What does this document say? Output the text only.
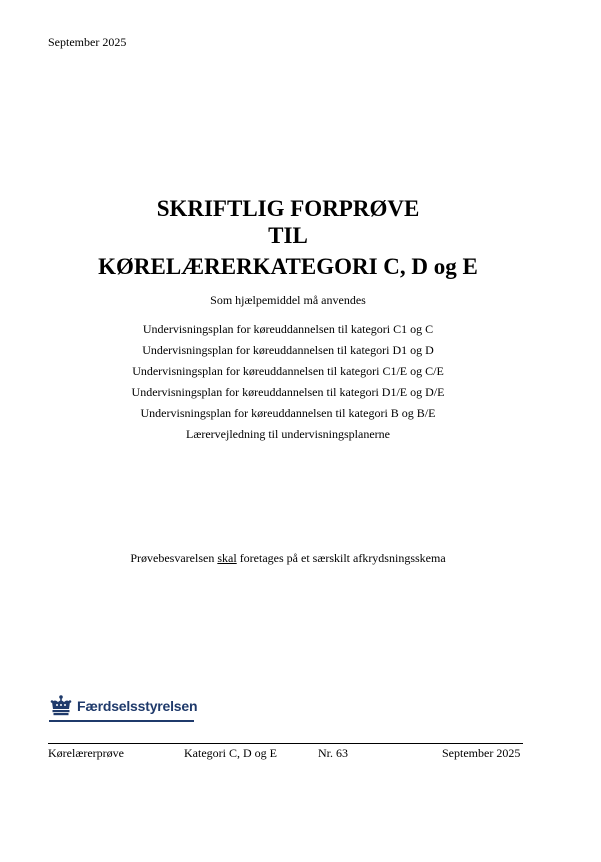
September 2025
SKRIFTLIG FORPRØVE
TIL
KØRELÆRERKATEGORI C, D og E
Som hjælpemiddel må anvendes
Undervisningsplan for køreuddannelsen til kategori C1 og C
Undervisningsplan for køreuddannelsen til kategori D1 og D
Undervisningsplan for køreuddannelsen til kategori C1/E og C/E
Undervisningsplan for køreuddannelsen til kategori D1/E og D/E
Undervisningsplan for køreuddannelsen til kategori B og B/E
Lærervejledning til undervisningsplanerne
Prøvebesvarelsen skal foretages på et særskilt afkrydsningsskema
Færdselsstyrelsen
Kørelærerprøve	Kategori C, D og E	Nr. 63	September 2025
